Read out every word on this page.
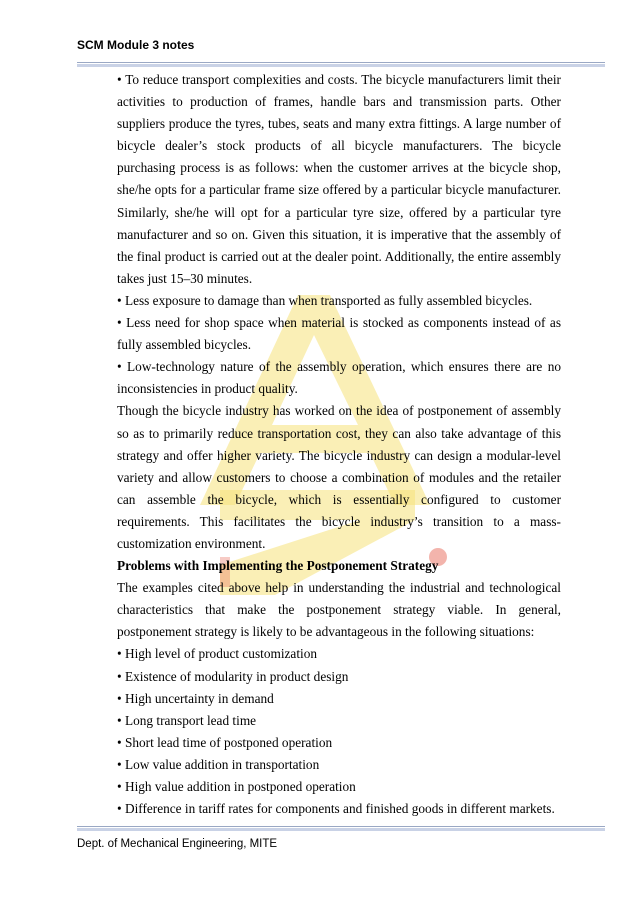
SCM Module 3 notes

• To reduce transport complexities and costs. The bicycle manufacturers limit their activities to production of frames, handle bars and transmission parts. Other suppliers produce the tyres, tubes, seats and many extra fittings. A large number of bicycle dealer’s stock products of all bicycle manufacturers. The bicycle purchasing process is as follows: when the customer arrives at the bicycle shop, she/he opts for a particular frame size offered by a particular bicycle manufacturer. Similarly, she/he will opt for a particular tyre size, offered by a particular tyre manufacturer and so on. Given this situation, it is imperative that the assembly of the final product is carried out at the dealer point. Additionally, the entire assembly takes just 15–30 minutes.

• Less exposure to damage than when transported as fully assembled bicycles.

• Less need for shop space when material is stocked as components instead of as fully assembled bicycles.

• Low-technology nature of the assembly operation, which ensures there are no inconsistencies in product quality.

Though the bicycle industry has worked on the idea of postponement of assembly so as to primarily reduce transportation cost, they can also take advantage of this strategy and offer higher variety. The bicycle industry can design a modular-level variety and allow customers to choose a combination of modules and the retailer can assemble the bicycle, which is essentially configured to customer requirements. This facilitates the bicycle industry’s transition to a mass-customization environment.

Problems with Implementing the Postponement Strategy

The examples cited above help in understanding the industrial and technological characteristics that make the postponement strategy viable. In general, postponement strategy is likely to be advantageous in the following situations:

• High level of product customization

• Existence of modularity in product design

• High uncertainty in demand

• Long transport lead time

• Short lead time of postponed operation

• Low value addition in transportation

• High value addition in postponed operation

• Difference in tariff rates for components and finished goods in different markets.

Dept. of Mechanical Engineering, MITE
